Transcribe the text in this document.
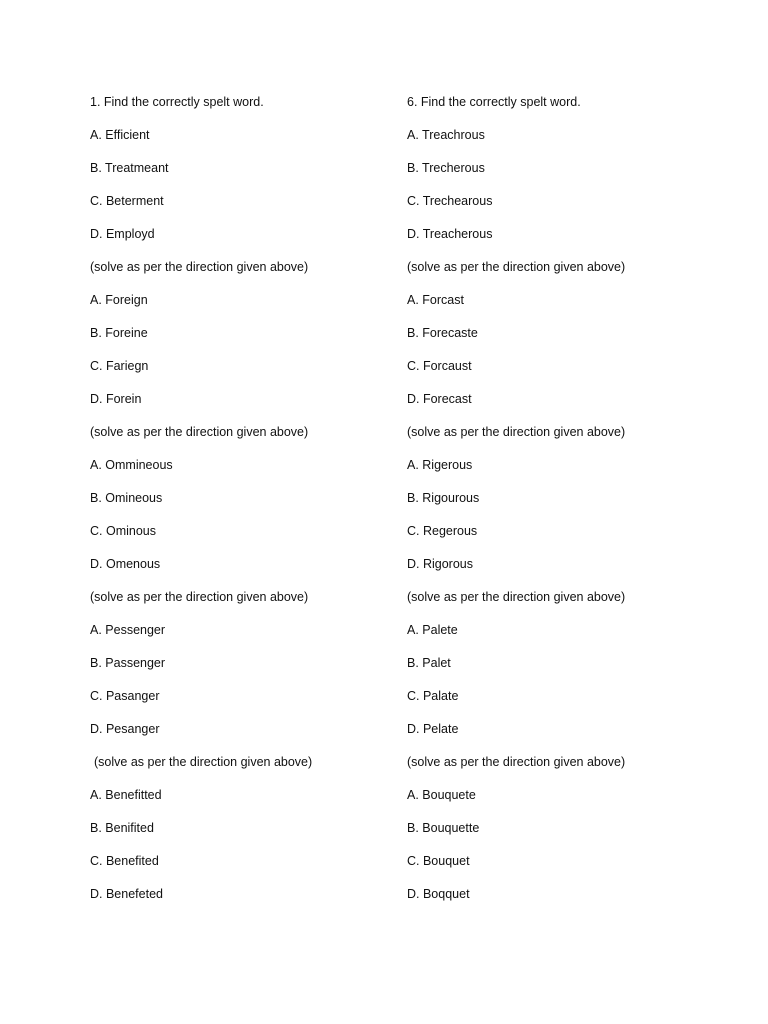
1. Find the correctly spelt word.
A. Efficient
B. Treatmeant
C. Beterment
D. Employd
(solve as per the direction given above)
A. Foreign
B. Foreine
C. Fariegn
D. Forein
(solve as per the direction given above)
A. Ommineous
B. Omineous
C. Ominous
D. Omenous
(solve as per the direction given above)
A. Pessenger
B. Passenger
C. Pasanger
D. Pesanger
(solve as per the direction given above)
A. Benefitted
B. Benifited
C. Benefited
D. Benefeted
6. Find the correctly spelt word.
A. Treachrous
B. Trecherous
C. Trechearous
D. Treacherous
(solve as per the direction given above)
A. Forcast
B. Forecaste
C. Forcaust
D. Forecast
(solve as per the direction given above)
A. Rigerous
B. Rigourous
C. Regerous
D. Rigorous
(solve as per the direction given above)
A. Palete
B. Palet
C. Palate
D. Pelate
(solve as per the direction given above)
A. Bouquete
B. Bouquette
C. Bouquet
D. Boqquet
